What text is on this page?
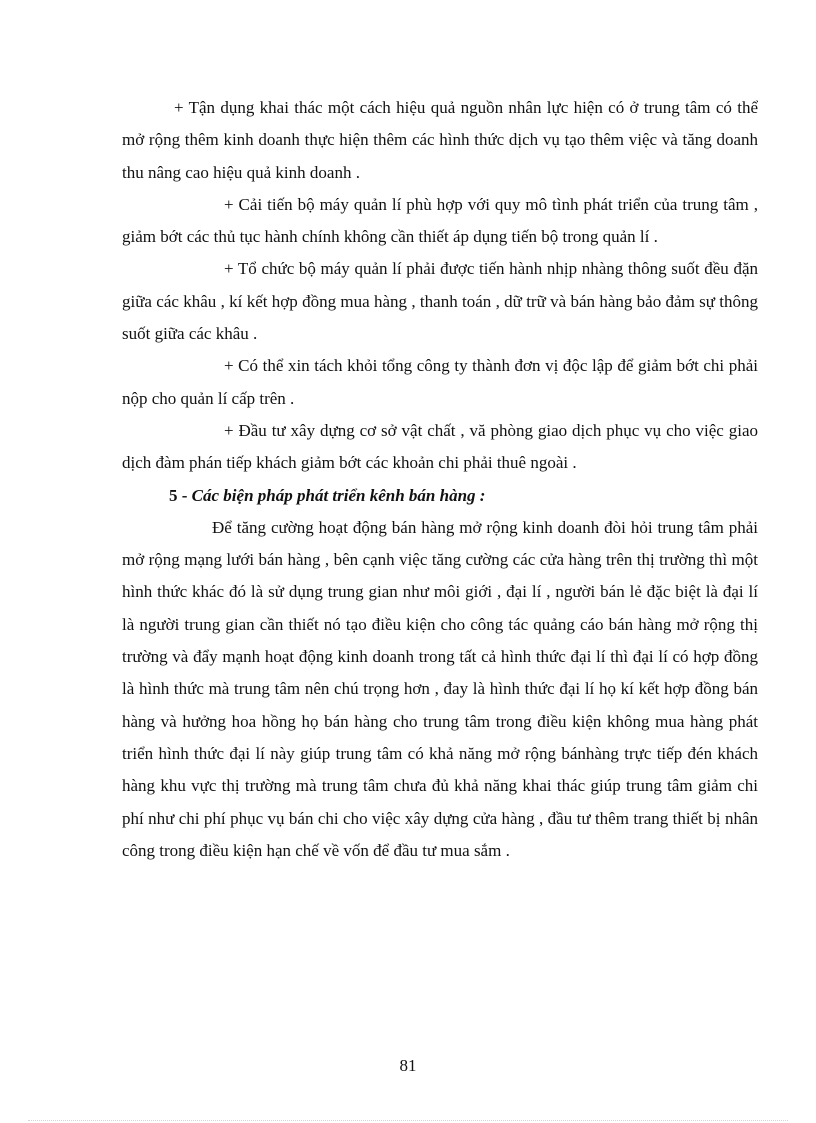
+ Tận dụng khai thác một cách hiệu quả nguồn nhân lực hiện có ở trung tâm có thể mở rộng thêm kinh doanh thực hiện thêm các hình thức dịch vụ tạo thêm việc và tăng doanh thu nâng cao hiệu quả kinh doanh .

+ Cải tiến bộ máy quản lí phù hợp với quy mô tình phát triển của trung tâm , giảm bớt các thủ tục hành chính không cần thiết áp dụng tiến bộ trong quản lí .

+ Tổ chức bộ máy quản lí phải được tiến hành nhịp nhàng thông suốt đều đặn giữa các khâu , kí kết hợp đồng mua hàng , thanh toán , dữ trữ và bán hàng bảo đảm sự thông suốt giữa các khâu .

+ Có thể xin tách khỏi tổng công ty thành đơn vị độc lập để giảm bớt chi phải nộp cho quản lí cấp trên .

+ Đầu tư xây dựng cơ sở vật chất , vă phòng giao dịch phục vụ cho việc giao dịch đàm phán tiếp khách giảm bớt các khoản chi phải thuê ngoài .

5 - Các biện pháp phát triển kênh bán hàng :

Để tăng cường hoạt động bán hàng mở rộng kinh doanh đòi hỏi trung tâm phải mở rộng mạng lưới bán hàng , bên cạnh việc tăng cường các cửa hàng trên thị trường thì một hình thức khác đó là sử dụng trung gian như môi giới , đại lí , người bán lẻ đặc biệt là đại lí là người trung gian cần thiết nó tạo điều kiện cho công tác quảng cáo bán hàng mở rộng thị trường và đẩy mạnh hoạt động kinh doanh trong tất cả hình thức đại lí thì đại lí có hợp đồng là hình thức mà trung tâm nên chú trọng hơn , đay là hình thức đại lí họ kí kết hợp đồng bán hàng và hưởng hoa hồng họ bán hàng cho trung tâm trong điều kiện không mua hàng phát triển hình thức đại lí này giúp trung tâm có khả năng mở rộng bánhàng trực tiếp đén khách hàng khu vực thị trường mà trung tâm chưa đủ khả năng khai thác giúp trung tâm giảm chi phí như chi phí phục vụ bán chi cho việc xây dựng cửa hàng , đầu tư thêm trang thiết bị nhân công trong điều kiện hạn chế về vốn để đầu tư mua sắm .

81
